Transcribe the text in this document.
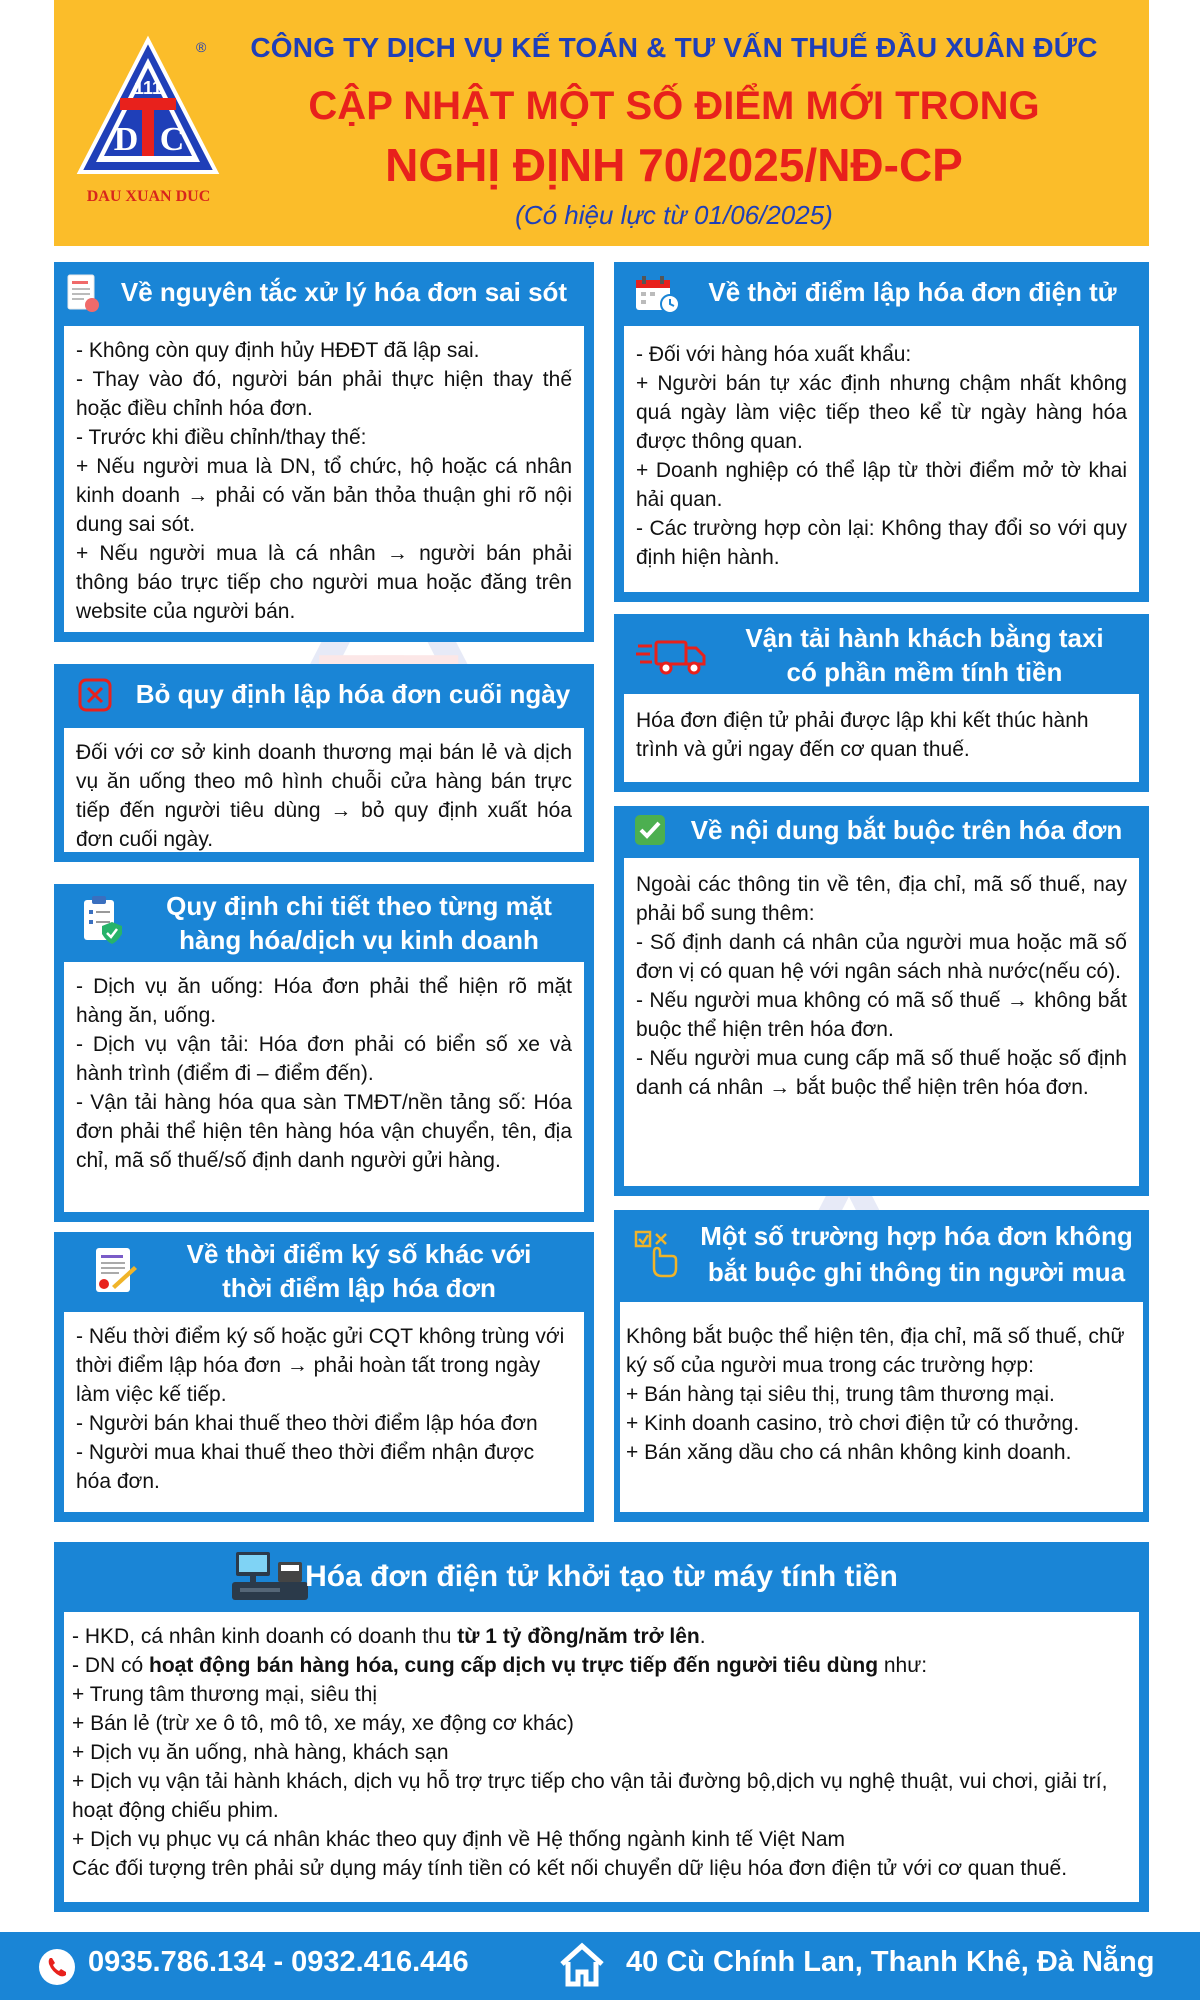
111
D C
®
DAU XUAN DUC
CÔNG TY DỊCH VỤ KẾ TOÁN & TƯ VẤN THUẾ ĐẦU XUÂN ĐỨC
CẬP NHẬT MỘT SỐ ĐIỂM MỚI TRONG
NGHỊ ĐỊNH 70/2025/NĐ-CP
(Có hiệu lực từ 01/06/2025)
Về nguyên tắc xử lý hóa đơn sai sót

- Không còn quy định hủy HĐĐT đã lập sai.

- Thay vào đó, người bán phải thực hiện thay thế hoặc điều chỉnh hóa đơn.

- Trước khi điều chỉnh/thay thế:

+ Nếu người mua là DN, tổ chức, hộ hoặc cá nhân kinh doanh → phải có văn bản thỏa thuận ghi rõ nội dung sai sót.

+ Nếu người mua là cá nhân → người bán phải thông báo trực tiếp cho người mua hoặc đăng trên website của người bán.

Bỏ quy định lập hóa đơn cuối ngày

Đối với cơ sở kinh doanh thương mại bán lẻ và dịch vụ ăn uống theo mô hình chuỗi cửa hàng bán trực tiếp đến người tiêu dùng → bỏ quy định xuất hóa đơn cuối ngày.

Quy định chi tiết theo từng mặt
hàng hóa/dịch vụ kinh doanh

- Dịch vụ ăn uống: Hóa đơn phải thể hiện rõ mặt hàng ăn, uống.

- Dịch vụ vận tải: Hóa đơn phải có biển số xe và hành trình (điểm đi – điểm đến).

- Vận tải hàng hóa qua sàn TMĐT/nền tảng số: Hóa đơn phải thể hiện tên hàng hóa vận chuyển, tên, địa chỉ, mã số thuế/số định danh người gửi hàng.

Về thời điểm ký số khác với
thời điểm lập hóa đơn

- Nếu thời điểm ký số hoặc gửi CQT không trùng với thời điểm lập hóa đơn → phải hoàn tất trong ngày làm việc kế tiếp.

- Người bán khai thuế theo thời điểm lập hóa đơn

- Người mua khai thuế theo thời điểm nhận được hóa đơn.

Về thời điểm lập hóa đơn điện tử

- Đối với hàng hóa xuất khẩu:

+ Người bán tự xác định nhưng chậm nhất không quá ngày làm việc tiếp theo kể từ ngày hàng hóa được thông quan.

+ Doanh nghiệp có thể lập từ thời điểm mở tờ khai hải quan.

- Các trường hợp còn lại: Không thay đổi so với quy định hiện hành.

Vận tải hành khách bằng taxi
có phần mềm tính tiền

Hóa đơn điện tử phải được lập khi kết thúc hành trình và gửi ngay đến cơ quan thuế.

Về nội dung bắt buộc trên hóa đơn

Ngoài các thông tin về tên, địa chỉ, mã số thuế, nay phải bổ sung thêm:

- Số định danh cá nhân của người mua hoặc mã số đơn vị có quan hệ với ngân sách nhà nước(nếu có).

- Nếu người mua không có mã số thuế → không bắt buộc thể hiện trên hóa đơn.

- Nếu người mua cung cấp mã số thuế hoặc số định danh cá nhân → bắt buộc thể hiện trên hóa đơn.

Một số trường hợp hóa đơn không
bắt buộc ghi thông tin người mua

Không bắt buộc thể hiện tên, địa chỉ, mã số thuế, chữ ký số của người mua trong các trường hợp:

+ Bán hàng tại siêu thị, trung tâm thương mại.

+ Kinh doanh casino, trò chơi điện tử có thưởng.

+ Bán xăng dầu cho cá nhân không kinh doanh.

Hóa đơn điện tử khởi tạo từ máy tính tiền

- HKD, cá nhân kinh doanh có doanh thu từ 1 tỷ đồng/năm trở lên.

- DN có hoạt động bán hàng hóa, cung cấp dịch vụ trực tiếp đến người tiêu dùng như:

+ Trung tâm thương mại, siêu thị

+ Bán lẻ (trừ xe ô tô, mô tô, xe máy, xe động cơ khác)

+ Dịch vụ ăn uống, nhà hàng, khách sạn

+ Dịch vụ vận tải hành khách, dịch vụ hỗ trợ trực tiếp cho vận tải đường bộ,dịch vụ nghệ thuật, vui chơi, giải trí, hoạt động chiếu phim.

+ Dịch vụ phục vụ cá nhân khác theo quy định về Hệ thống ngành kinh tế Việt Nam

Các đối tượng trên phải sử dụng máy tính tiền có kết nối chuyển dữ liệu hóa đơn điện tử với cơ quan thuế.

0935.786.134 - 0932.416.446	40 Cù Chính Lan, Thanh Khê, Đà Nẵng
